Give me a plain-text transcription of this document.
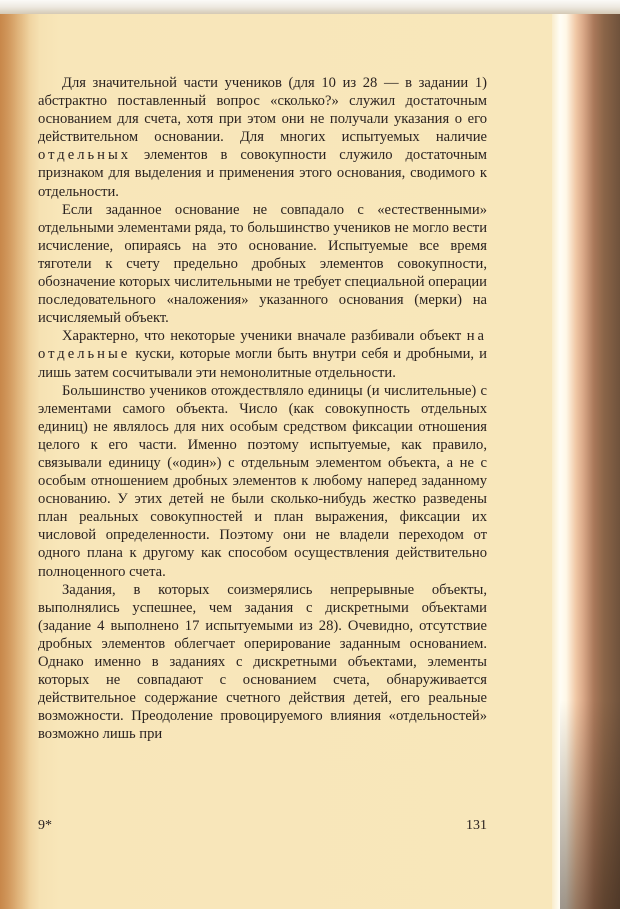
Для значительной части учеников (для 10 из 28 — в задании 1) абстрактно поставленный вопрос «сколько?» служил достаточным основанием для счета, хотя при этом они не получали указания о его действительном основании. Для многих испытуемых наличие отдельных элементов в совокупности служило достаточным признаком для выделения и применения этого основания, сводимого к отдельности.

Если заданное основание не совпадало с «естественными» отдельными элементами ряда, то большинство учеников не могло вести исчисление, опираясь на это основание. Испытуемые все время тяготели к счету предельно дробных элементов совокупности, обозначение которых числительными не требует специальной операции последовательного «наложения» указанного основания (мерки) на исчисляемый объект.

Характерно, что некоторые ученики вначале разбивали объект на отдельные куски, которые могли быть внутри себя и дробными, и лишь затем сосчитывали эти немонолитные отдельности.

Большинство учеников отождествляло единицы (и числительные) с элементами самого объекта. Число (как совокупность отдельных единиц) не являлось для них особым средством фиксации отношения целого к его части. Именно поэтому испытуемые, как правило, связывали единицу («один») с отдельным элементом объекта, а не с особым отношением дробных элементов к любому наперед заданному основанию. У этих детей не были сколько-нибудь жестко разведены план реальных совокупностей и план выражения, фиксации их числовой определенности. Поэтому они не владели переходом от одного плана к другому как способом осуществления действительно полноценного счета.

Задания, в которых соизмерялись непрерывные объекты, выполнялись успешнее, чем задания с дискретными объектами (задание 4 выполнено 17 испытуемыми из 28). Очевидно, отсутствие дробных элементов облегчает оперирование заданным основанием. Однако именно в заданиях с дискретными объектами, элементы которых не совпадают с основанием счета, обнаруживается действительное содержание счетного действия детей, его реальные возможности. Преодоление провоцируемого влияния «отдельностей» возможно лишь при

9*	131
